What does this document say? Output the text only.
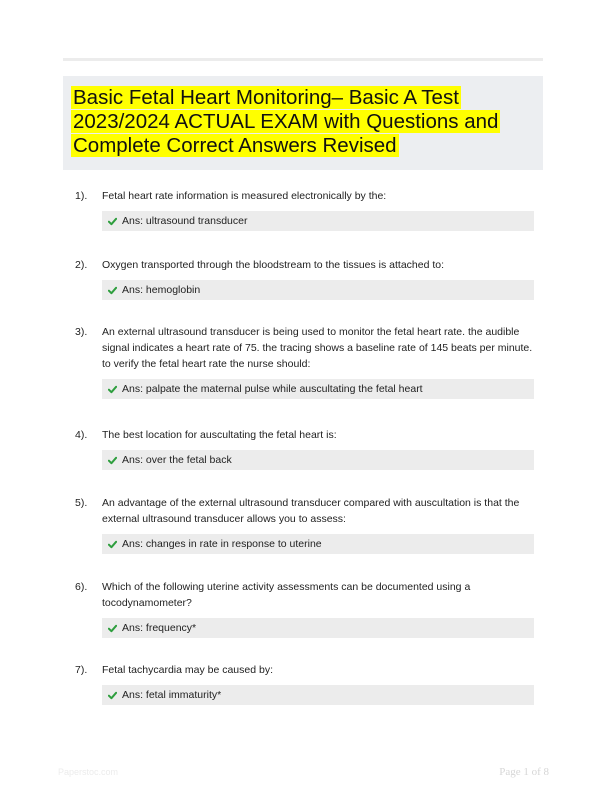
Basic Fetal Heart Monitoring– Basic A Test 2023/2024 ACTUAL EXAM with Questions and Complete Correct Answers Revised
1).	Fetal heart rate information is measured electronically by the:
Ans: ultrasound transducer
2).	Oxygen transported through the bloodstream to the tissues is attached to:
Ans: hemoglobin
3).	An external ultrasound transducer is being used to monitor the fetal heart rate. the audible signal indicates a heart rate of 75. the tracing shows a baseline rate of 145 beats per minute. to verify the fetal heart rate the nurse should:
Ans: palpate the maternal pulse while auscultating the fetal heart
4).	The best location for auscultating the fetal heart is:
Ans: over the fetal back
5).	An advantage of the external ultrasound transducer compared with auscultation is that the external ultrasound transducer allows you to assess:
Ans: changes in rate in response to uterine
6).	Which of the following uterine activity assessments can be documented using a tocodynamometer?
Ans: frequency*
7).	Fetal tachycardia may be caused by:
Ans: fetal immaturity*
Paperstoc.com	Page 1 of 8
